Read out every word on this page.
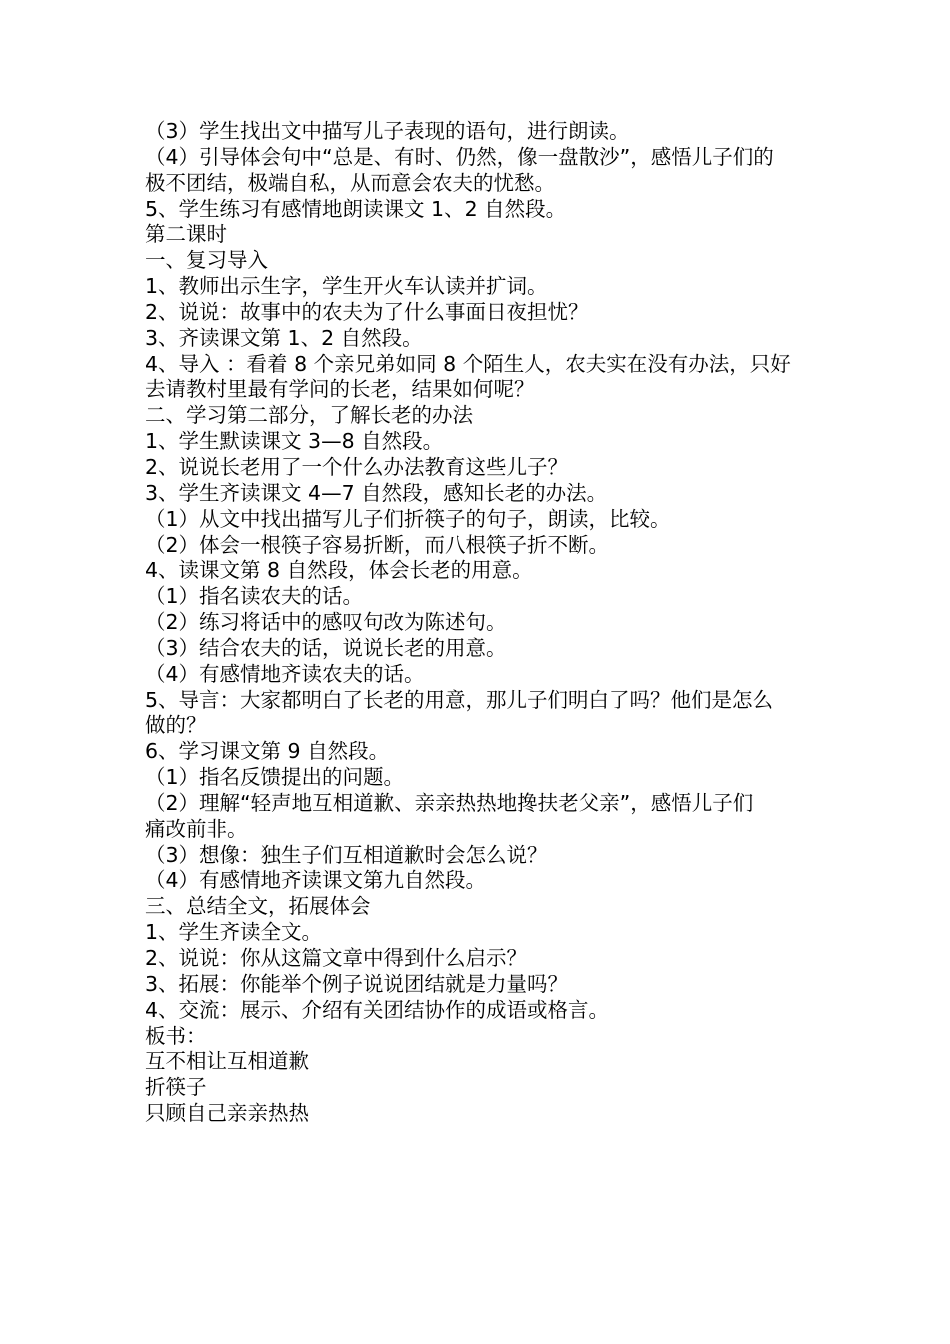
（3）学生找出文中描写儿子表现的语句，进行朗读。
（4）引导体会句中“总是、有时、仍然，像一盘散沙”，感悟儿子们的
极不团结，极端自私，从而意会农夫的忧愁。
5、学生练习有感情地朗读课文 1、2 自然段。
第二课时
一、复习导入
1、教师出示生字，学生开火车认读并扩词。
2、说说：故事中的农夫为了什么事面日夜担忧？
3、齐读课文第 1、2 自然段。
4、导入 ：看着 8 个亲兄弟如同 8 个陌生人，农夫实在没有办法，只好
去请教村里最有学问的长老，结果如何呢？
二、学习第二部分，了解长老的办法
1、学生默读课文 3—8 自然段。
2、说说长老用了一个什么办法教育这些儿子？
3、学生齐读课文 4—7 自然段，感知长老的办法。
（1）从文中找出描写儿子们折筷子的句子，朗读，比较。
（2）体会一根筷子容易折断，而八根筷子折不断。
4、读课文第 8 自然段，体会长老的用意。
（1）指名读农夫的话。
（2）练习将话中的感叹句改为陈述句。
（3）结合农夫的话，说说长老的用意。
（4）有感情地齐读农夫的话。
5、导言：大家都明白了长老的用意，那儿子们明白了吗？他们是怎么
做的？
6、学习课文第 9 自然段。
（1）指名反馈提出的问题。
（2）理解“轻声地互相道歉、亲亲热热地搀扶老父亲”，感悟儿子们
痛改前非。
（3）想像：独生子们互相道歉时会怎么说？
（4）有感情地齐读课文第九自然段。
三、总结全文，拓展体会
1、学生齐读全文。
2、说说：你从这篇文章中得到什么启示？
3、拓展：你能举个例子说说团结就是力量吗？
4、交流：展示、介绍有关团结协作的成语或格言。
板书：
互不相让互相道歉
折筷子
只顾自己亲亲热热
